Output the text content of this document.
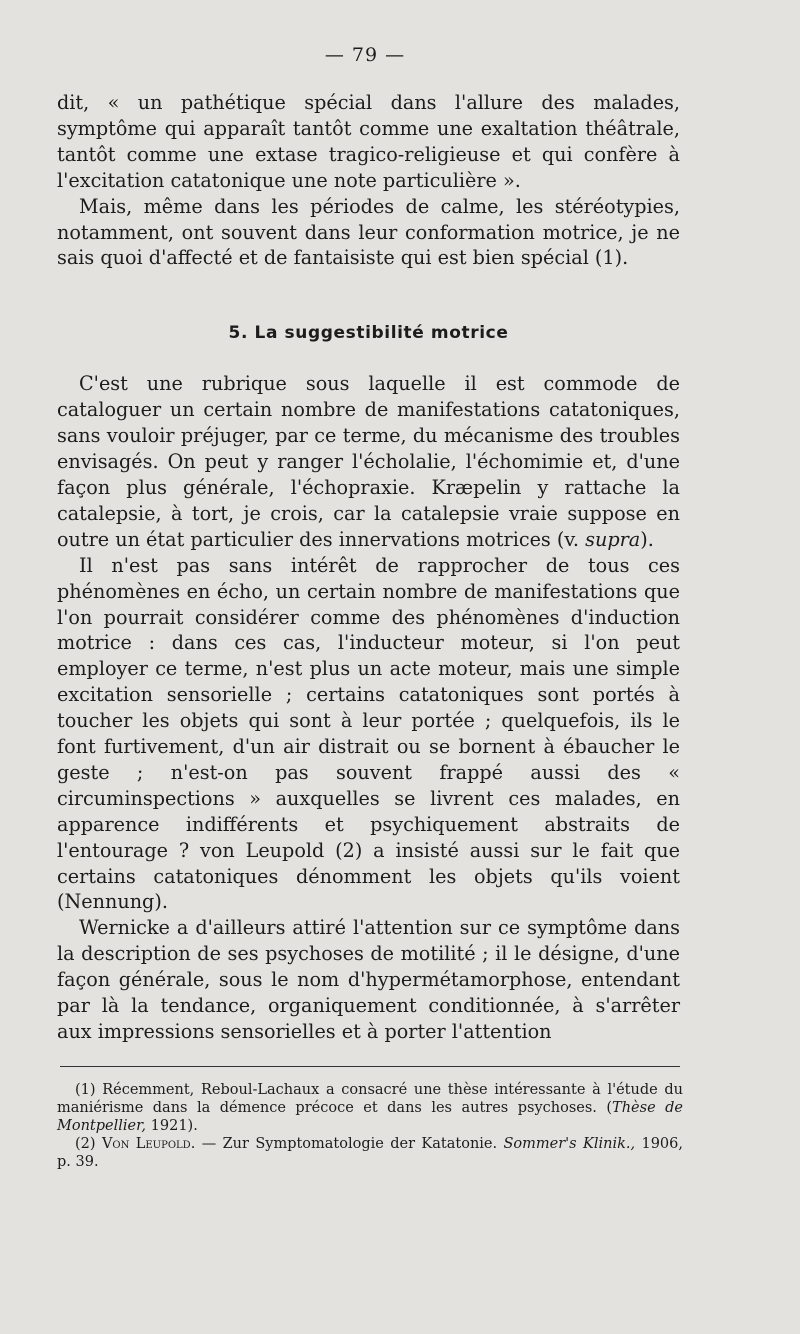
— 79 —

dit, « un pathétique spécial dans l'allure des malades, symptôme qui apparaît tantôt comme une exaltation théâtrale, tantôt comme une extase tragico-religieuse et qui confère à l'excitation catatonique une note particulière ».

Mais, même dans les périodes de calme, les stéréotypies, notamment, ont souvent dans leur conformation motrice, je ne sais quoi d'affecté et de fantaisiste qui est bien spécial (1).

5. La suggestibilité motrice

C'est une rubrique sous laquelle il est commode de cataloguer un certain nombre de manifestations catatoniques, sans vouloir préjuger, par ce terme, du mécanisme des troubles envisagés. On peut y ranger l'écholalie, l'échomimie et, d'une façon plus générale, l'échopraxie. Kræpelin y rattache la catalepsie, à tort, je crois, car la catalepsie vraie suppose en outre un état particulier des innervations motrices (v. supra).

Il n'est pas sans intérêt de rapprocher de tous ces phénomènes en écho, un certain nombre de manifestations que l'on pourrait considérer comme des phénomènes d'induction motrice : dans ces cas, l'inducteur moteur, si l'on peut employer ce terme, n'est plus un acte moteur, mais une simple excitation sensorielle ; certains catatoniques sont portés à toucher les objets qui sont à leur portée ; quelquefois, ils le font furtivement, d'un air distrait ou se bornent à ébaucher le geste ; n'est-on pas souvent frappé aussi des « circuminspections » auxquelles se livrent ces malades, en apparence indifférents et psychiquement abstraits de l'entourage ? von Leupold (2) a insisté aussi sur le fait que certains catatoniques dénomment les objets qu'ils voient (Nennung).

Wernicke a d'ailleurs attiré l'attention sur ce symptôme dans la description de ses psychoses de motilité ; il le désigne, d'une façon générale, sous le nom d'hypermétamorphose, entendant par là la tendance, organiquement conditionnée, à s'arrêter aux impressions sensorielles et à porter l'attention

(1) Récemment, Reboul-Lachaux a consacré une thèse intéressante à l'étude du maniérisme dans la démence précoce et dans les autres psychoses. (Thèse de Montpellier, 1921).

(2) Von Leupold. — Zur Symptomatologie der Katatonie. Sommer's Klinik., 1906, p. 39.
